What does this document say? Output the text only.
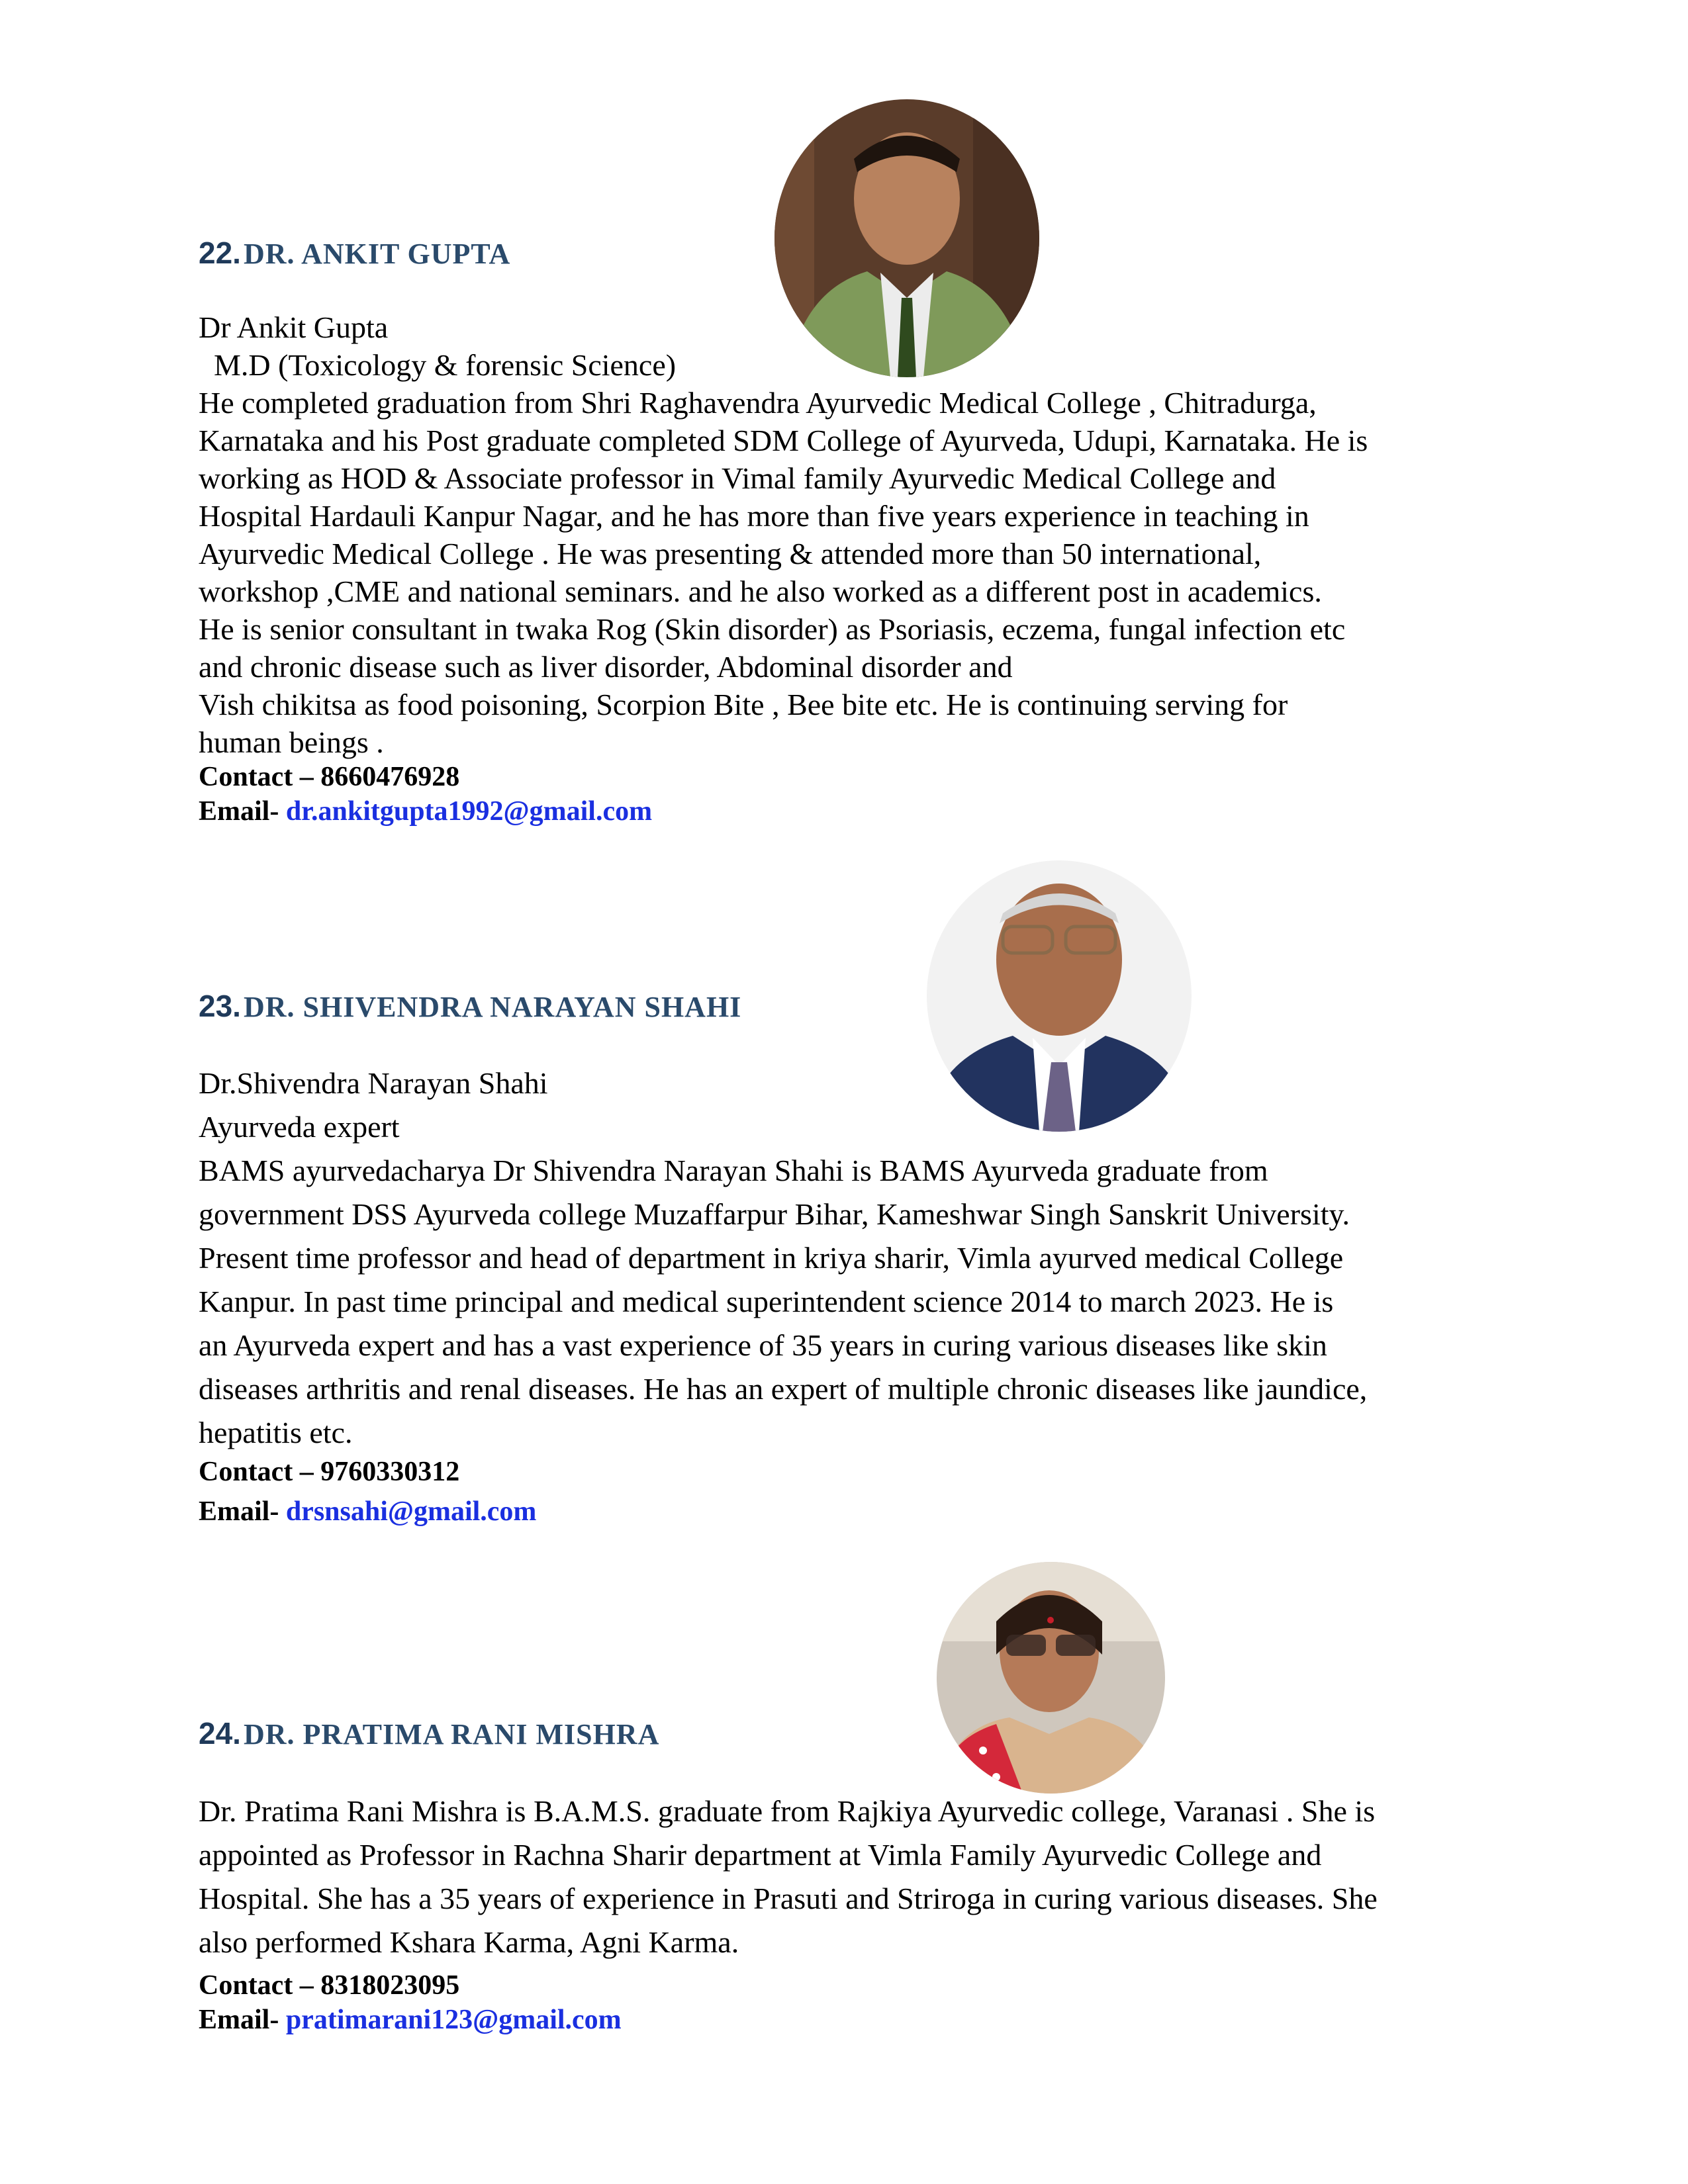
22. DR. ANKIT GUPTA
Dr Ankit Gupta
M.D (Toxicology & forensic Science)
He completed graduation from Shri Raghavendra Ayurvedic Medical College , Chitradurga,
Karnataka and his Post graduate completed SDM College of Ayurveda, Udupi, Karnataka. He is
working as HOD & Associate professor in Vimal family Ayurvedic Medical College and
Hospital Hardauli Kanpur Nagar, and he has more than five years experience in teaching in
Ayurvedic Medical College . He was presenting & attended more than 50 international,
workshop ,CME and national seminars. and he also worked as a different post in academics.
He is senior consultant in twaka Rog (Skin disorder) as Psoriasis, eczema, fungal infection etc
and chronic disease such as liver disorder, Abdominal disorder and
Vish chikitsa as food poisoning, Scorpion Bite , Bee bite etc. He is continuing serving for
human beings .
Contact – 8660476928
Email- dr.ankitgupta1992@gmail.com
23. DR. SHIVENDRA NARAYAN SHAHI
Dr.Shivendra Narayan Shahi
Ayurveda expert
BAMS ayurvedacharya Dr Shivendra Narayan Shahi is BAMS Ayurveda graduate from
government DSS Ayurveda college Muzaffarpur Bihar, Kameshwar Singh Sanskrit University.
Present time professor and head of department in kriya sharir, Vimla ayurved medical College
Kanpur. In past time principal and medical superintendent science 2014 to march 2023. He is
an Ayurveda expert and has a vast experience of 35 years in curing various diseases like skin
diseases arthritis and renal diseases. He has an expert of multiple chronic diseases like jaundice,
hepatitis etc.
Contact – 9760330312
Email- drsnsahi@gmail.com
24. DR. PRATIMA RANI MISHRA
Dr. Pratima Rani Mishra is B.A.M.S. graduate from Rajkiya Ayurvedic college, Varanasi . She is
appointed as Professor in Rachna Sharir department at Vimla Family Ayurvedic College and
Hospital. She has a 35 years of experience in Prasuti and Striroga in curing various diseases. She
also performed Kshara Karma, Agni Karma.
Contact – 8318023095
Email- pratimarani123@gmail.com
